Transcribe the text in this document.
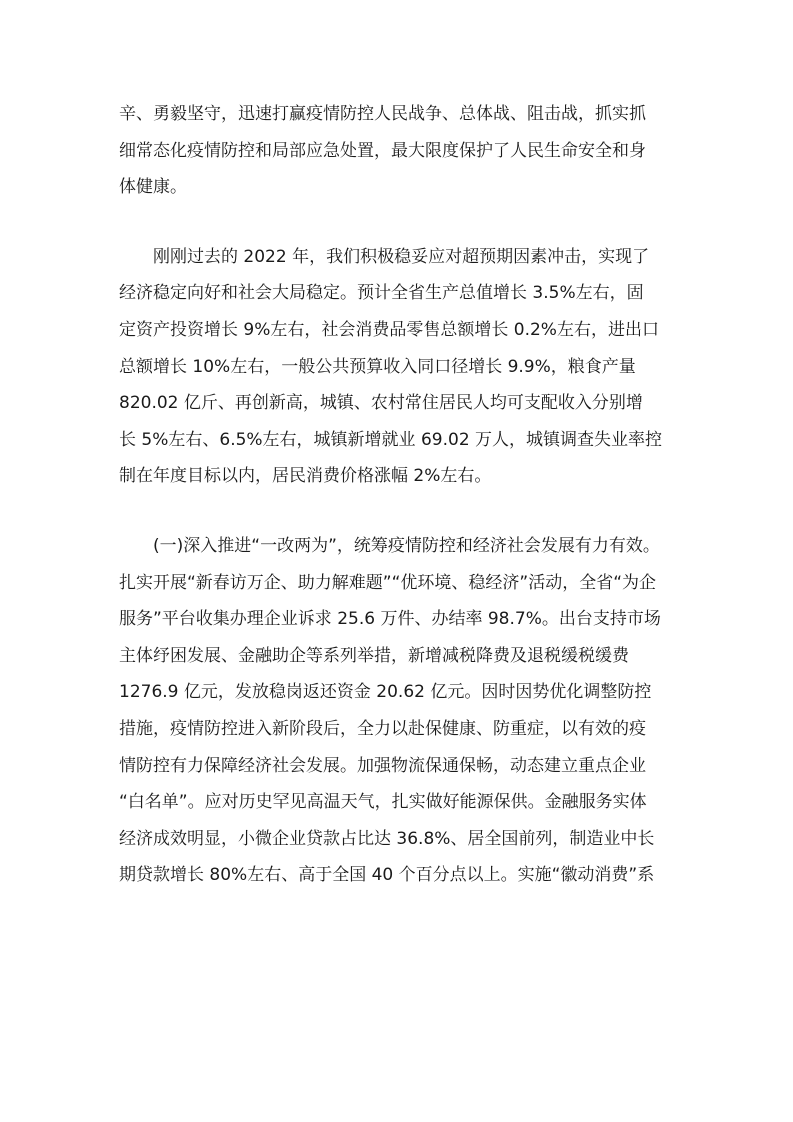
辛、勇毅坚守，迅速打赢疫情防控人民战争、总体战、阻击战，抓实抓
细常态化疫情防控和局部应急处置，最大限度保护了人民生命安全和身
体健康。

　　刚刚过去的 2022 年，我们积极稳妥应对超预期因素冲击，实现了
经济稳定向好和社会大局稳定。预计全省生产总值增长 3.5%左右，固
定资产投资增长 9%左右，社会消费品零售总额增长 0.2%左右，进出口
总额增长 10%左右，一般公共预算收入同口径增长 9.9%，粮食产量
820.02 亿斤、再创新高，城镇、农村常住居民人均可支配收入分别增
长 5%左右、6.5%左右，城镇新增就业 69.02 万人，城镇调查失业率控
制在年度目标以内，居民消费价格涨幅 2%左右。

　　(一)深入推进“一改两为”，统筹疫情防控和经济社会发展有力有效。
扎实开展“新春访万企、助力解难题”“优环境、稳经济”活动，全省“为企
服务”平台收集办理企业诉求 25.6 万件、办结率 98.7%。出台支持市场
主体纾困发展、金融助企等系列举措，新增减税降费及退税缓税缓费
1276.9 亿元，发放稳岗返还资金 20.62 亿元。因时因势优化调整防控
措施，疫情防控进入新阶段后，全力以赴保健康、防重症，以有效的疫
情防控有力保障经济社会发展。加强物流保通保畅，动态建立重点企业
“白名单”。应对历史罕见高温天气，扎实做好能源保供。金融服务实体
经济成效明显，小微企业贷款占比达 36.8%、居全国前列，制造业中长
期贷款增长 80%左右、高于全国 40 个百分点以上。实施“徽动消费”系
